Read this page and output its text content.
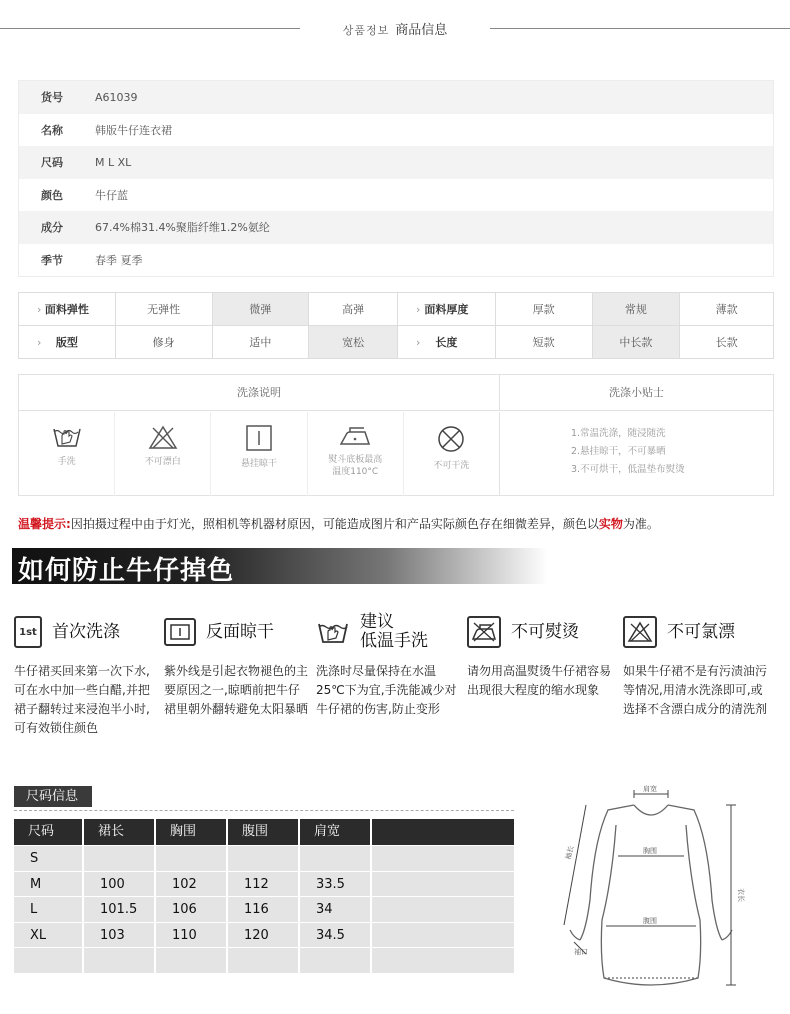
상품정보 商品信息
货号	A61039
名称	韩版牛仔连衣裙
尺码	M L XL
颜色	牛仔蓝
成分	67.4%棉31.4%聚脂纤维1.2%氨纶
季节	春季 夏季
› 面料弹性	无弹性	微弹	高弹	› 面料厚度	厚款	常规	薄款
› 版型	修身	适中	宽松	› 长度	短款	中长款	长款
洗涤说明	洗涤小贴士
手洗	不可漂白	悬挂晾干	熨斗底板最高
温度110°C
不可干洗
1.常温洗涤，随浸随洗
2.悬挂晾干，不可暴晒
3.不可烘干，低温垫布熨烫
温馨提示:因拍摄过程中由于灯光，照相机等机器材原因，可能造成图片和产品实际颜色存在细微差异，颜色以实物为准。
如何防止牛仔掉色
1st 首次洗涤
牛仔裙买回来第一次下水,可在水中加一些白醋,并把裙子翻转过来浸泡半小时,可有效锁住颜色
反面晾干
紫外线是引起衣物褪色的主要原因之一,晾晒前把牛仔裙里朝外翻转避免太阳暴晒
建议
低温手洗
洗涤时尽量保持在水温25℃下为宜,手洗能减少对牛仔裙的伤害,防止变形
不可熨烫
请勿用高温熨烫牛仔裙容易出现很大程度的缩水现象
不可氯漂
如果牛仔裙不是有污渍油污等情况,用清水洗涤即可,或选择不含漂白成分的清洗剂
尺码信息
尺码	裙长	胸围	腹围	肩宽
S
M	100	102	112	33.5
L	101.5	106	116	34
XL	103	110	120	34.5
肩宽
胸围
腹围
衣长
袖长
袖口
